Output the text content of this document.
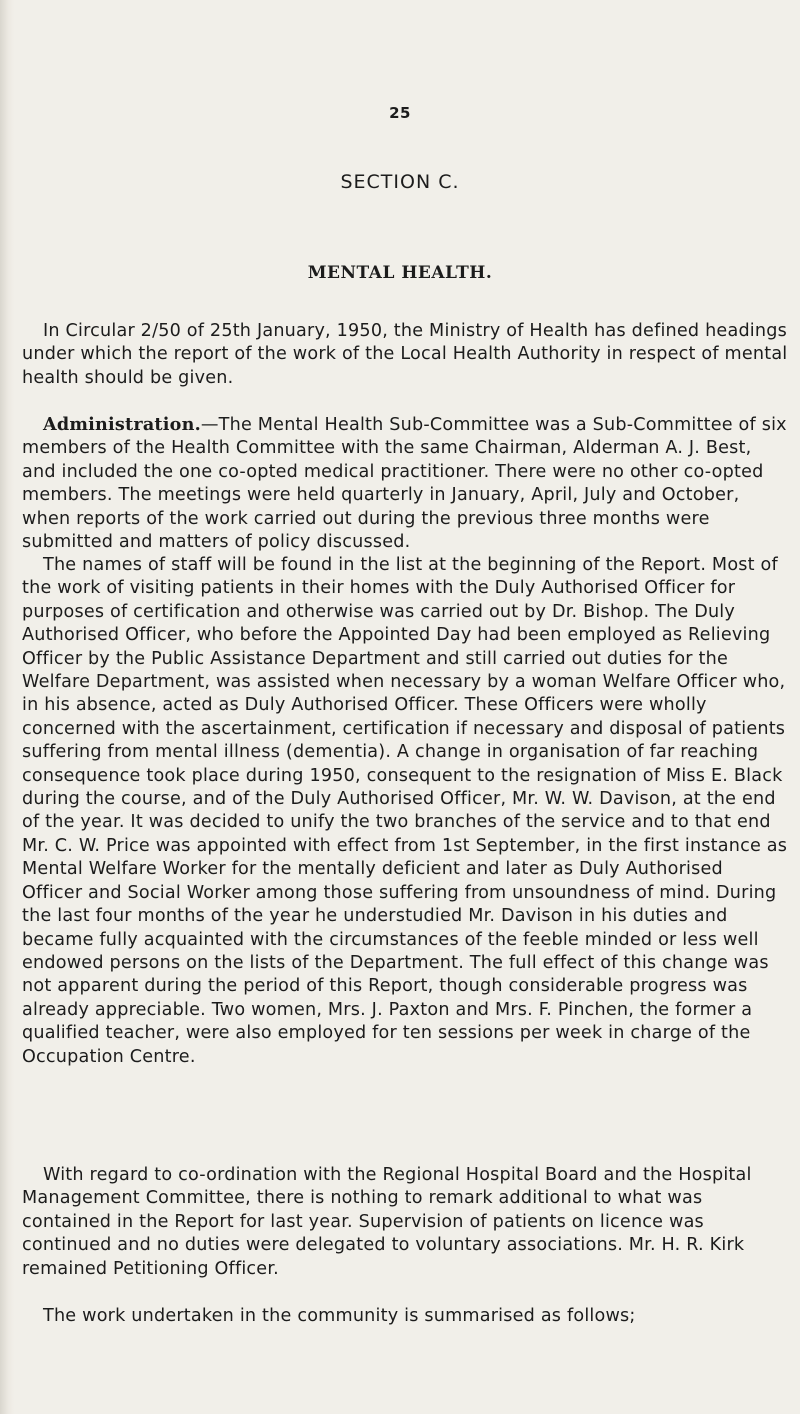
25
SECTION C.
MENTAL HEALTH.

In Circular 2/50 of 25th January, 1950, the Ministry of Health has defined headings under which the report of the work of the Local Health Authority in respect of mental health should be given.

Administration.—The Mental Health Sub-Committee was a Sub-Committee of six members of the Health Committee with the same Chairman, Alderman A. J. Best, and included the one co-opted medical practitioner. There were no other co-opted members. The meetings were held quarterly in January, April, July and October, when reports of the work carried out during the previous three months were submitted and matters of policy discussed.

The names of staff will be found in the list at the beginning of the Report. Most of the work of visiting patients in their homes with the Duly Authorised Officer for purposes of certification and otherwise was carried out by Dr. Bishop. The Duly Authorised Officer, who before the Appointed Day had been employed as Relieving Officer by the Public Assistance Department and still carried out duties for the Welfare Department, was assisted when necessary by a woman Welfare Officer who, in his absence, acted as Duly Authorised Officer. These Officers were wholly concerned with the ascertainment, certification if necessary and disposal of patients suffering from mental illness (dementia). A change in organisation of far reaching consequence took place during 1950, consequent to the resignation of Miss E. Black during the course, and of the Duly Authorised Officer, Mr. W. W. Davison, at the end of the year. It was decided to unify the two branches of the service and to that end Mr. C. W. Price was appointed with effect from 1st September, in the first instance as Mental Welfare Worker for the mentally deficient and later as Duly Authorised Officer and Social Worker among those suffering from unsoundness of mind. During the last four months of the year he understudied Mr. Davison in his duties and became fully acquainted with the circumstances of the feeble minded or less well endowed persons on the lists of the Department. The full effect of this change was not apparent during the period of this Report, though considerable progress was already appreciable. Two women, Mrs. J. Paxton and Mrs. F. Pinchen, the former a qualified teacher, were also employed for ten sessions per week in charge of the Occupation Centre.

With regard to co-ordination with the Regional Hospital Board and the Hospital Management Committee, there is nothing to remark additional to what was contained in the Report for last year. Supervision of patients on licence was continued and no duties were delegated to voluntary associations. Mr. H. R. Kirk remained Petitioning Officer.

The work undertaken in the community is summarised as follows;
